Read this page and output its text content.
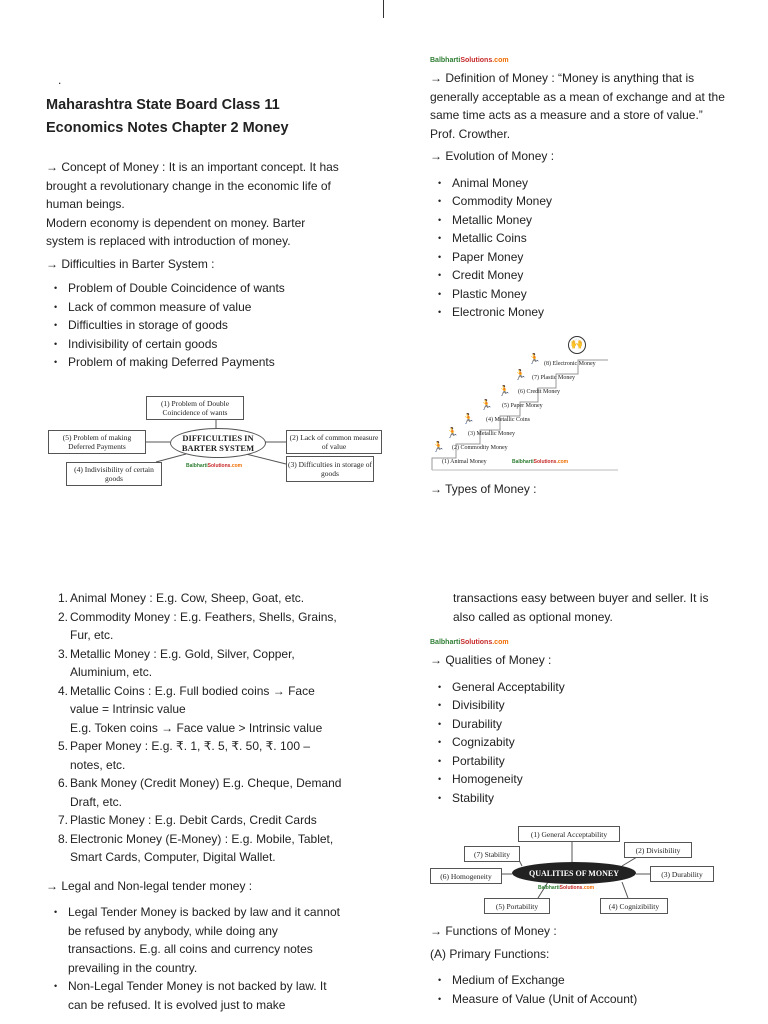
.

Maharashtra State Board Class 11
Economics Notes Chapter 2 Money

→ Concept of Money : It is an important concept. It has brought a revolutionary change in the economic life of human beings.

Modern economy is dependent on money. Barter system is replaced with introduction of money.

→ Difficulties in Barter System :

• Problem of Double Coincidence of wants
• Lack of common measure of value
• Difficulties in storage of goods
• Indivisibility of certain goods
• Problem of making Deferred Payments
(1) Problem of Double Coincidence of wants
DIFFICULTIES IN BARTER SYSTEM
(5) Problem of making Deferred Payments
(2) Lack of common measure of value
(4) Indivisibility of certain goods
(3) Difficulties in storage of goods
BalbhartiSolutions.com
BalbhartiSolutions.com

→ Definition of Money : “Money is anything that is generally acceptable as a mean of exchange and at the same time acts as a measure and a store of value.” Prof. Crowther.

→ Evolution of Money :

• Animal Money
• Commodity Money
• Metallic Money
• Metallic Coins
• Paper Money
• Credit Money
• Plastic Money
• Electronic Money
🏃
🏃
🏃
🏃
🏃
🏃
🏃
🙌
(1) Animal Money
(2) Commodity Money
(3) Metallic Money
(4) Metallic Coins
(5) Paper Money
(6) Credit Money
(7) Plastic Money
(8) Electronic Money
BalbhartiSolutions.com

→ Types of Money :

1. Animal Money : E.g. Cow, Sheep, Goat, etc.
2. Commodity Money : E.g. Feathers, Shells, Grains, Fur, etc.
3. Metallic Money : E.g. Gold, Silver, Copper, Aluminium, etc.
4. Metallic Coins : E.g. Full bodied coins → Face value = Intrinsic value
E.g. Token coins → Face value > Intrinsic value
5. Paper Money : E.g. ₹. 1, ₹. 5, ₹. 50, ₹. 100 – notes, etc.
6. Bank Money (Credit Money) E.g. Cheque, Demand Draft, etc.
7. Plastic Money : E.g. Debit Cards, Credit Cards
8. Electronic Money (E-Money) : E.g. Mobile, Tablet, Smart Cards, Computer, Digital Wallet.

→ Legal and Non-legal tender money :

• Legal Tender Money is backed by law and it cannot be refused by anybody, while doing any transactions. E.g. all coins and currency notes prevailing in the country.
• Non-Legal Tender Money is not backed by law. It can be refused. It is evolved just to make

transactions easy between buyer and seller. It is also called as optional money.

BalbhartiSolutions.com

→ Qualities of Money :

• General Acceptability
• Divisibility
• Durability
• Cognizabity
• Portability
• Homogeneity
• Stability
(1) General Acceptability
(7) Stability	(2) Divisibility
QUALITIES OF MONEY
(6) Homogeneity	(3) Durability
(5) Portability	(4) Cognizibility
BalbhartiSolutions.com

→ Functions of Money :

(A) Primary Functions:

• Medium of Exchange
• Measure of Value (Unit of Account)
